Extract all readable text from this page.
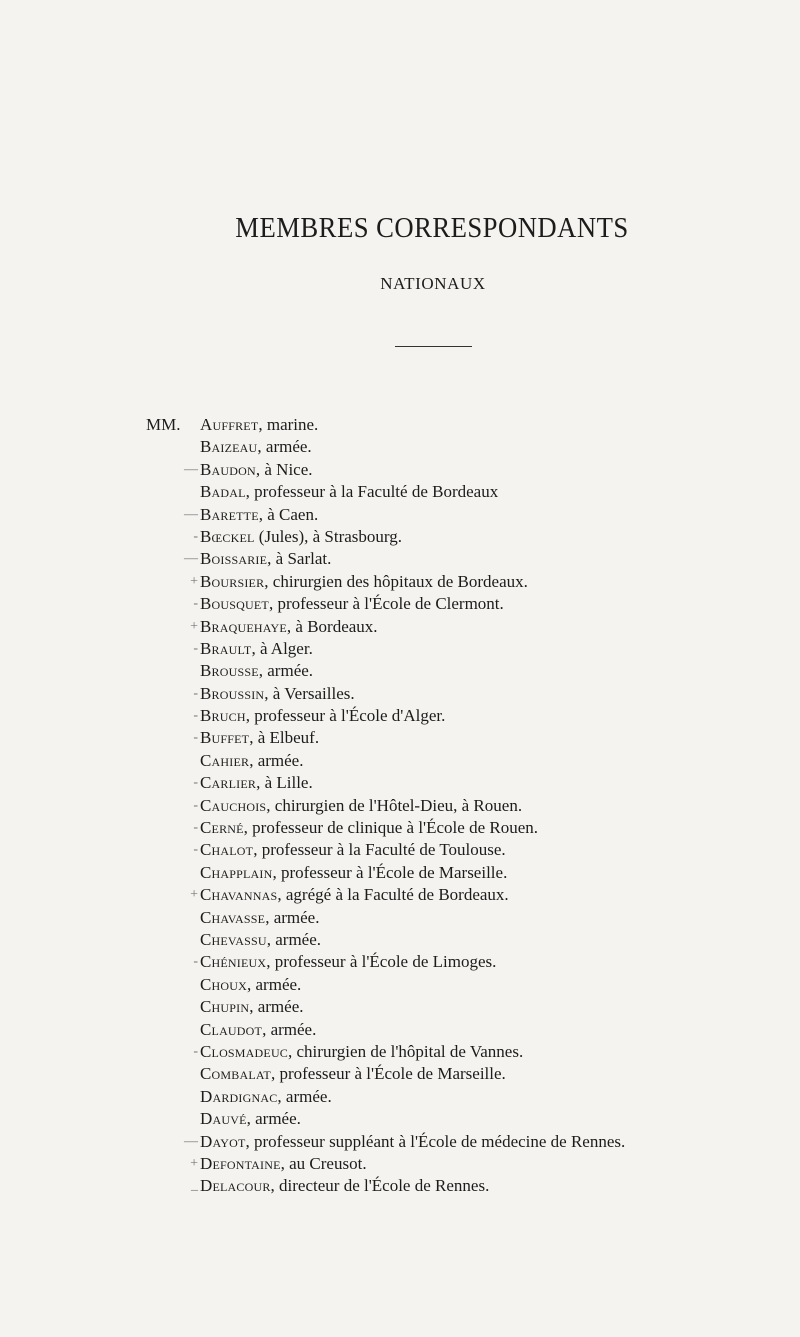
MEMBRES CORRESPONDANTS
NATIONAUX
MM. Auffret, marine.
Baizeau, armée.
— Baudon, à Nice.
Badal, professeur à la Faculté de Bordeaux
— Barette, à Caen.
- Bœckel (Jules), à Strasbourg.
— Boissarie, à Sarlat.
+ Boursier, chirurgien des hôpitaux de Bordeaux.
- Bousquet, professeur à l'École de Clermont.
+ Braquehaye, à Bordeaux.
- Brault, à Alger.
Brousse, armée.
- Broussin, à Versailles.
- Bruch, professeur à l'École d'Alger.
- Buffet, à Elbeuf.
Cahier, armée.
- Carlier, à Lille.
- Cauchois, chirurgien de l'Hôtel-Dieu, à Rouen.
- Cerné, professeur de clinique à l'École de Rouen.
- Chalot, professeur à la Faculté de Toulouse.
Chapplain, professeur à l'École de Marseille.
+ Chavannas, agrégé à la Faculté de Bordeaux.
Chavasse, armée.
Chevassu, armée.
- Chénieux, professeur à l'École de Limoges.
Choux, armée.
Chupin, armée.
Claudot, armée.
- Closmadeuc, chirurgien de l'hôpital de Vannes.
Combalat, professeur à l'École de Marseille.
Dardignac, armée.
Dauvé, armée.
— Dayot, professeur suppléant à l'École de médecine de Rennes.
+ Defontaine, au Creusot.
_ Delacour, directeur de l'École de Rennes.
